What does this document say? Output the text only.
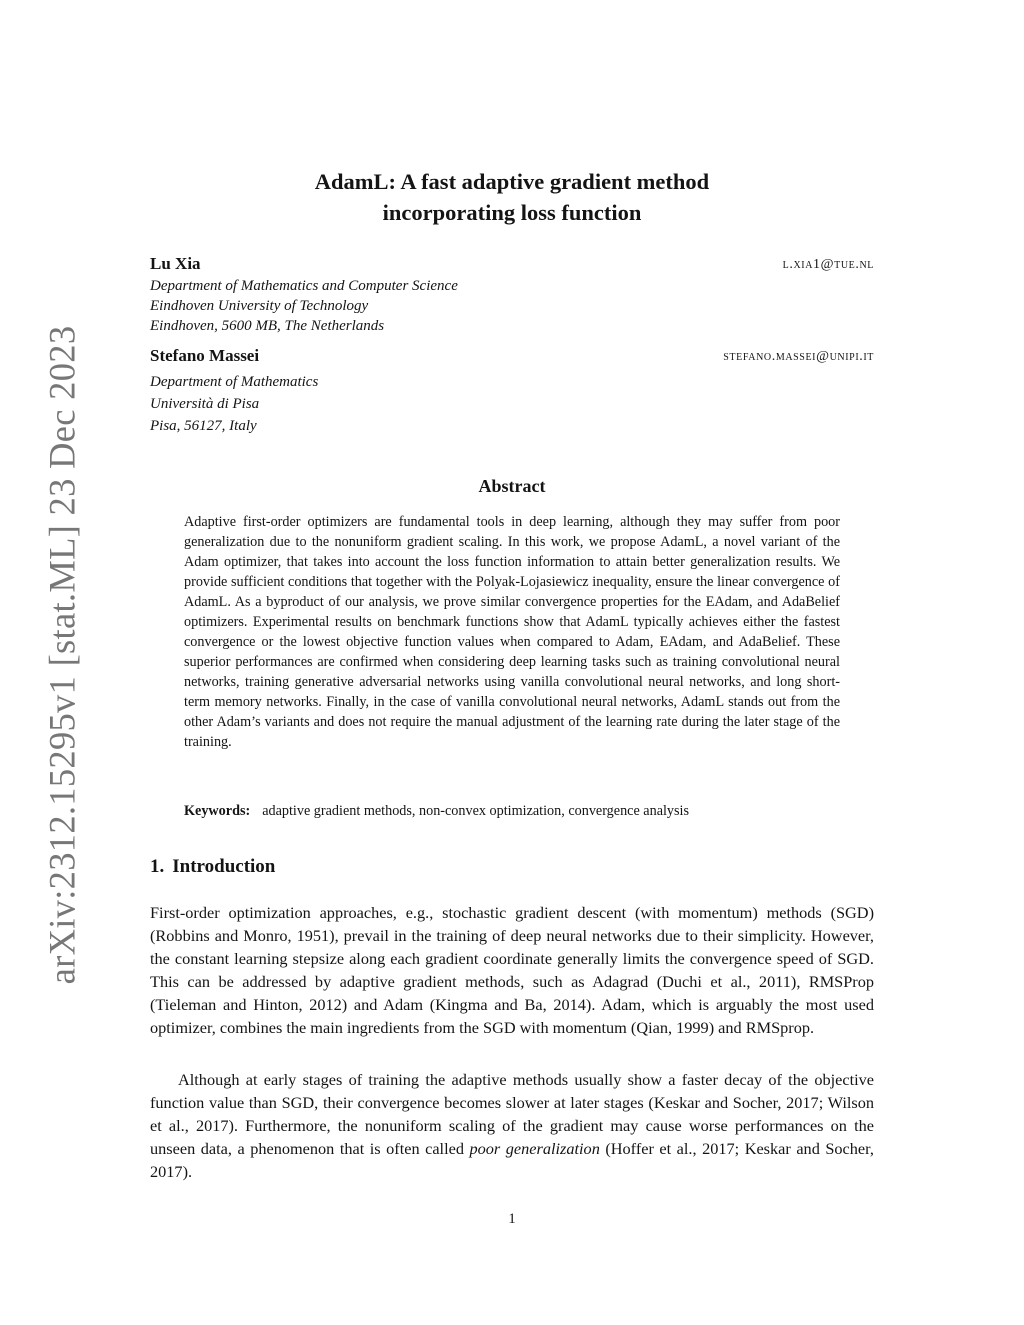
arXiv:2312.15295v1 [stat.ML] 23 Dec 2023
AdamL: A fast adaptive gradient method
incorporating loss function
Lu Xia	l.xia1@tue.nl
Department of Mathematics and Computer Science
Eindhoven University of Technology
Eindhoven, 5600 MB, The Netherlands
Stefano Massei	stefano.massei@unipi.it
Department of Mathematics
Università di Pisa
Pisa, 56127, Italy
Abstract
Adaptive first-order optimizers are fundamental tools in deep learning, although they may suffer from poor generalization due to the nonuniform gradient scaling. In this work, we propose AdamL, a novel variant of the Adam optimizer, that takes into account the loss function information to attain better generalization results. We provide sufficient conditions that together with the Polyak-Lojasiewicz inequality, ensure the linear convergence of AdamL. As a byproduct of our analysis, we prove similar convergence properties for the EAdam, and AdaBelief optimizers. Experimental results on benchmark functions show that AdamL typically achieves either the fastest convergence or the lowest objective function values when compared to Adam, EAdam, and AdaBelief. These superior performances are confirmed when considering deep learning tasks such as training convolutional neural networks, training generative adversarial networks using vanilla convolutional neural networks, and long short-term memory networks. Finally, in the case of vanilla convolutional neural networks, AdamL stands out from the other Adam’s variants and does not require the manual adjustment of the learning rate during the later stage of the training.
Keywords: adaptive gradient methods, non-convex optimization, convergence analysis
1. Introduction
First-order optimization approaches, e.g., stochastic gradient descent (with momentum) methods (SGD) (Robbins and Monro, 1951), prevail in the training of deep neural networks due to their simplicity. However, the constant learning stepsize along each gradient coordinate generally limits the convergence speed of SGD. This can be addressed by adaptive gradient methods, such as Adagrad (Duchi et al., 2011), RMSProp (Tieleman and Hinton, 2012) and Adam (Kingma and Ba, 2014). Adam, which is arguably the most used optimizer, combines the main ingredients from the SGD with momentum (Qian, 1999) and RMSprop.
Although at early stages of training the adaptive methods usually show a faster decay of the objective function value than SGD, their convergence becomes slower at later stages (Keskar and Socher, 2017; Wilson et al., 2017). Furthermore, the nonuniform scaling of the gradient may cause worse performances on the unseen data, a phenomenon that is often called poor generalization (Hoffer et al., 2017; Keskar and Socher, 2017).
1
